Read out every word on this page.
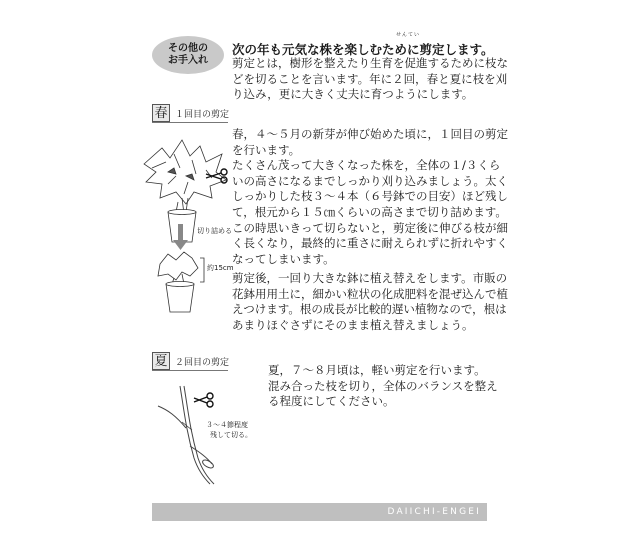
その他の
お手入れ
せんてい
次の年も元気な株を楽しむために剪定します。
剪定とは，樹形を整えたり生育を促進するために枝な
どを切ることを言います。年に２回，春と夏に枝を刈
り込み，更に大きく丈夫に育つようにします。
春 １回目の剪定
切り詰める
約15cm
春，４～５月の新芽が伸び始めた頃に，１回目の剪定
を行います。
たくさん茂って大きくなった株を，全体の１/３くら
いの高さになるまでしっかり刈り込みましょう。太く
しっかりした枝３～４本（６号鉢での目安）ほど残し
て，根元から１５㎝くらいの高さまで切り詰めます。
この時思いきって切らないと，剪定後に伸びる枝が細
く長くなり，最終的に重さに耐えられずに折れやすく
なってしまいます。
剪定後，一回り大きな鉢に植え替えをします。市販の
花鉢用用土に，細かい粒状の化成肥料を混ぜ込んで植
えつけます。根の成長が比較的遅い植物なので，根は
あまりほぐさずにそのまま植え替えましょう。
夏 ２回目の剪定
３～４節程度
残して切る。
夏，７～８月頃は，軽い剪定を行います。
混み合った枝を切り，全体のバランスを整え
る程度にしてください。
DAIICHI-ENGEI
